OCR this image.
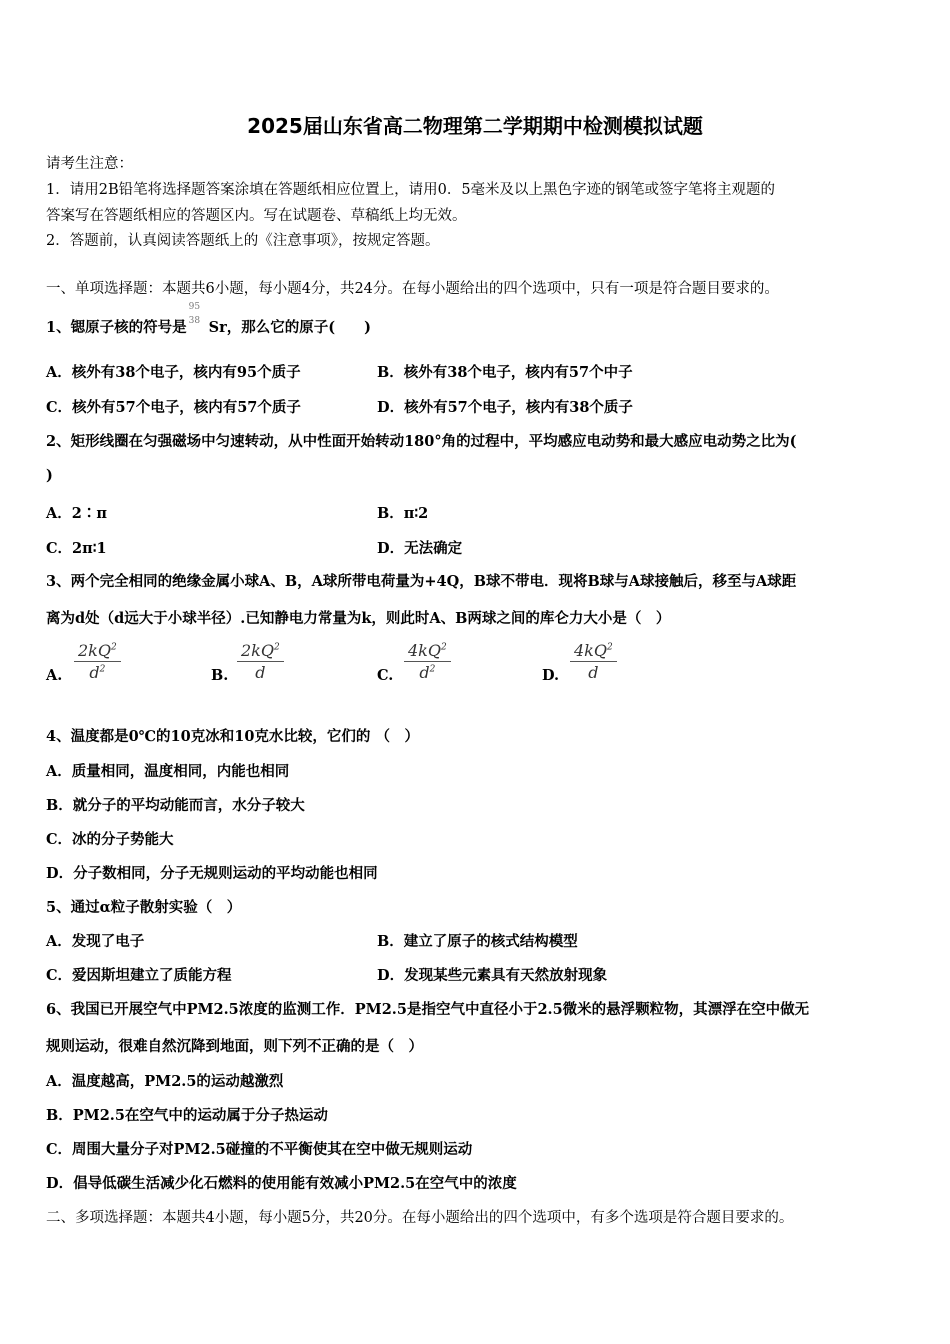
2025届山东省高二物理第二学期期中检测模拟试题
请考生注意：
1．请用2B铅笔将选择题答案涂填在答题纸相应位置上，请用0．5毫米及以上黑色字迹的钢笔或签字笔将主观题的
答案写在答题纸相应的答题区内。写在试题卷、草稿纸上均无效。
2．答题前，认真阅读答题纸上的《注意事项》，按规定答题。
一、单项选择题：本题共6小题，每小题4分，共24分。在每小题给出的四个选项中，只有一项是符合题目要求的。
1、锶原子核的符号是
95
38 Sr，那么它的原子(　　)
A．核外有38个电子，核内有95个质子	B．核外有38个电子，核内有57个中子
C．核外有57个电子，核内有57个质子	D．核外有57个电子，核内有38个质子
2、矩形线圈在匀强磁场中匀速转动，从中性面开始转动180°角的过程中，平均感应电动势和最大感应电动势之比为(
)
A．2∶π	B．π∶2
C．2π∶1	D．无法确定
3、两个完全相同的绝缘金属小球A、B，A球所带电荷量为+4Q，B球不带电．现将B球与A球接触后，移至与A球距
离为d处（d远大于小球半径）.已知静电力常量为k，则此时A、B两球之间的库仑力大小是（　）
A.
$2kQ^2$
$d^2$	B.
$2kQ^2$
d	C.
$4kQ^2$
$d^2$	D.
$4kQ^2$
d
4、温度都是0℃的10克冰和10克水比较，它们的 （　）
A．质量相同，温度相同，内能也相同
B．就分子的平均动能而言，水分子较大
C．冰的分子势能大
D．分子数相同，分子无规则运动的平均动能也相同
5、通过α粒子散射实验（　）
A．发现了电子	B．建立了原子的核式结构模型
C．爱因斯坦建立了质能方程	D．发现某些元素具有天然放射现象
6、我国已开展空气中PM2.5浓度的监测工作．PM2.5是指空气中直径小于2.5微米的悬浮颗粒物，其漂浮在空中做无
规则运动，很难自然沉降到地面，则下列不正确的是（　）
A．温度越高，PM2.5的运动越激烈
B．PM2.5在空气中的运动属于分子热运动
C．周围大量分子对PM2.5碰撞的不平衡使其在空中做无规则运动
D．倡导低碳生活减少化石燃料的使用能有效减小PM2.5在空气中的浓度
二、多项选择题：本题共4小题，每小题5分，共20分。在每小题给出的四个选项中，有多个选项是符合题目要求的。
